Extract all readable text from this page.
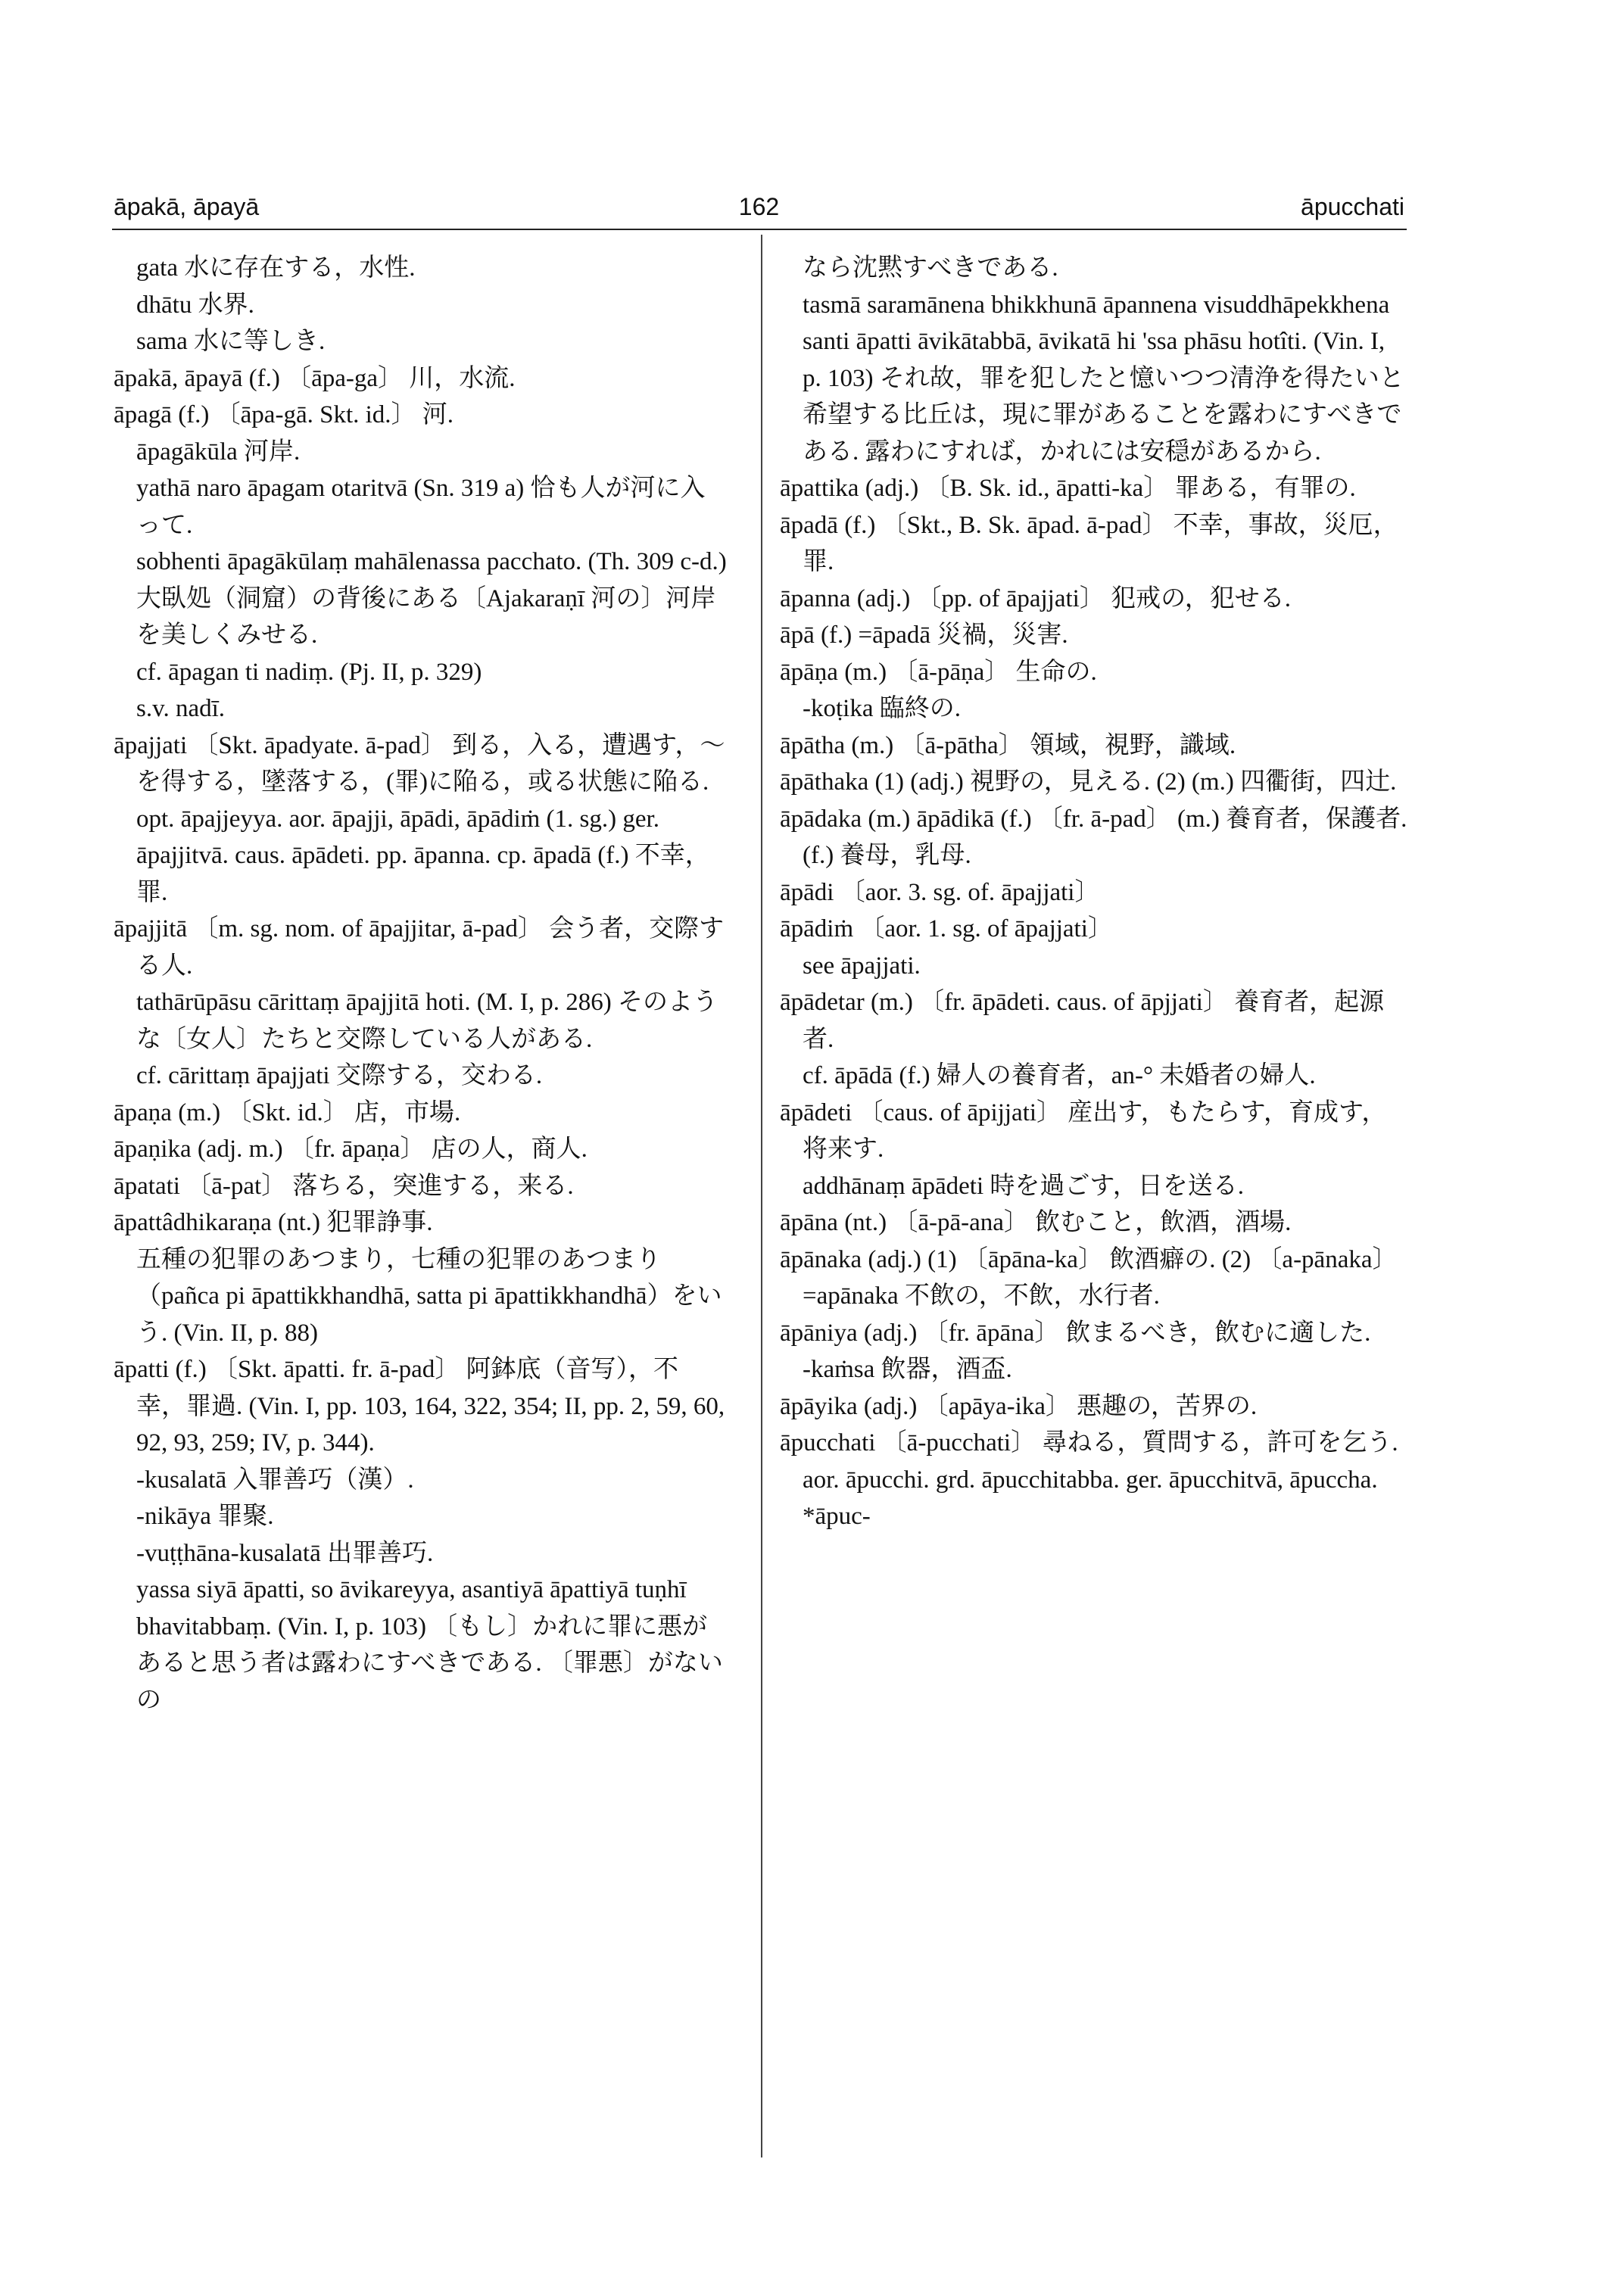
āpakā, āpayā	162	āpucchati

gata 水に存在する，水性.

dhātu 水界.

sama 水に等しき.

āpakā, āpayā (f.) 〔āpa-ga〕 川，水流.

āpagā (f.) 〔āpa-gā. Skt. id.〕 河.

āpagākūla 河岸.

yathā naro āpagam otaritvā (Sn. 319 a) 恰も人が河に入って.

sobhenti āpagākūlaṃ mahālenassa pacchato. (Th. 309 c-d.) 大臥処（洞窟）の背後にある〔Ajakaraṇī 河の〕河岸を美しくみせる.

cf. āpagan ti nadiṃ. (Pj. II, p. 329)

s.v. nadī.

āpajjati 〔Skt. āpadyate. ā-pad〕 到る，入る，遭遇す，～を得する，墜落する，(罪)に陥る，或る状態に陥る. opt. āpajjeyya. aor. āpajji, āpādi, āpādiṁ (1. sg.) ger. āpajjitvā. caus. āpādeti. pp. āpanna. cp. āpadā (f.) 不幸，罪.

āpajjitā 〔m. sg. nom. of āpajjitar, ā-pad〕 会う者，交際する人.

tathārūpāsu cārittaṃ āpajjitā hoti. (M. I, p. 286) そのような〔女人〕たちと交際している人がある.

cf. cārittaṃ āpajjati 交際する，交わる.

āpaṇa (m.) 〔Skt. id.〕 店，市場.

āpaṇika (adj. m.) 〔fr. āpaṇa〕 店の人，商人.

āpatati 〔ā-pat〕 落ちる，突進する，来る.

āpattâdhikaraṇa (nt.) 犯罪諍事.

五種の犯罪のあつまり，七種の犯罪のあつまり（pañca pi āpattikkhandhā, satta pi āpattikkhandhā）をいう. (Vin. II, p. 88)

āpatti (f.) 〔Skt. āpatti. fr. ā-pad〕 阿鉢底（音写），不幸，罪過. (Vin. I, pp. 103, 164, 322, 354; II, pp. 2, 59, 60, 92, 93, 259; IV, p. 344).

-kusalatā 入罪善巧（漢）.

-nikāya 罪聚.

-vuṭṭhāna-kusalatā 出罪善巧.

yassa siyā āpatti, so āvikareyya, asantiyā āpattiyā tuṇhī bhavitabbaṃ. (Vin. I, p. 103) 〔もし〕かれに罪に悪があると思う者は露わにすべきである. 〔罪悪〕がないの

なら沈黙すべきである.

tasmā saramānena bhikkhunā āpannena visuddhāpekkhena santi āpatti āvikātabbā, āvikatā hi 'ssa phāsu hotîti. (Vin. I, p. 103) それ故，罪を犯したと憶いつつ清浄を得たいと希望する比丘は，現に罪があることを露わにすべきである. 露わにすれば，かれには安穏があるから.

āpattika (adj.) 〔B. Sk. id., āpatti-ka〕 罪ある，有罪の.

āpadā (f.) 〔Skt., B. Sk. āpad. ā-pad〕 不幸，事故，災厄，罪.

āpanna (adj.) 〔pp. of āpajjati〕 犯戒の，犯せる.

āpā (f.) =āpadā 災禍，災害.

āpāṇa (m.) 〔ā-pāṇa〕 生命の.

-koṭika 臨終の.

āpātha (m.) 〔ā-pātha〕 領域，視野，識域.

āpāthaka (1) (adj.) 視野の，見える. (2) (m.) 四衢街，四辻.

āpādaka (m.) āpādikā (f.) 〔fr. ā-pad〕 (m.) 養育者，保護者. (f.) 養母，乳母.

āpādi 〔aor. 3. sg. of. āpajjati〕

āpādiṁ 〔aor. 1. sg. of āpajjati〕

see āpajjati.

āpādetar (m.) 〔fr. āpādeti. caus. of āpjjati〕 養育者，起源者.

cf. āpādā (f.) 婦人の養育者，an-° 未婚者の婦人.

āpādeti 〔caus. of āpijjati〕 産出す，もたらす，育成す，将来す.

addhānaṃ āpādeti 時を過ごす，日を送る.

āpāna (nt.) 〔ā-pā-ana〕 飲むこと，飲酒，酒場.

āpānaka (adj.) (1) 〔āpāna-ka〕 飲酒癖の. (2) 〔a-pānaka〕 =apānaka 不飲の，不飲，水行者.

āpāniya (adj.) 〔fr. āpāna〕 飲まるべき，飲むに適した.

-kaṁsa 飲器，酒盃.

āpāyika (adj.) 〔apāya-ika〕 悪趣の，苦界の.

āpucchati 〔ā-pucchati〕 尋ねる，質問する，許可を乞う. aor. āpucchi. grd. āpucchitabba. ger. āpucchitvā, āpuccha. *āpuc-
